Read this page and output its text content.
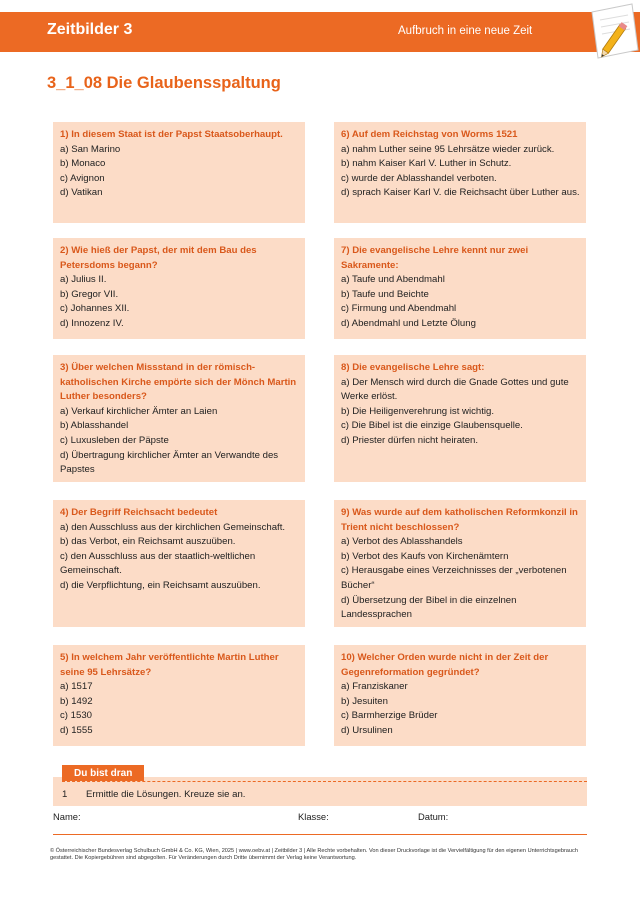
Zeitbilder 3	Aufbruch in eine neue Zeit
3_1_08 Die Glaubensspaltung
1) In diesem Staat ist der Papst Staatsoberhaupt.
a) San Marino
b) Monaco
c) Avignon
d) Vatikan
2) Wie hieß der Papst, der mit dem Bau des Petersdoms begann?
a) Julius II.
b) Gregor VII.
c) Johannes XII.
d) Innozenz IV.
3) Über welchen Missstand in der römisch-katholischen Kirche empörte sich der Mönch Martin Luther besonders?
a) Verkauf kirchlicher Ämter an Laien
b) Ablasshandel
c) Luxusleben der Päpste
d) Übertragung kirchlicher Ämter an Verwandte des Papstes
4) Der Begriff Reichsacht bedeutet
a) den Ausschluss aus der kirchlichen Gemeinschaft.
b) das Verbot, ein Reichsamt auszuüben.
c) den Ausschluss aus der staatlich-weltlichen Gemeinschaft.
d) die Verpflichtung, ein Reichsamt auszuüben.
5) In welchem Jahr veröffentlichte Martin Luther seine 95 Lehrsätze?
a) 1517
b) 1492
c) 1530
d) 1555
6) Auf dem Reichstag von Worms 1521
a) nahm Luther seine 95 Lehrsätze wieder zurück.
b) nahm Kaiser Karl V. Luther in Schutz.
c) wurde der Ablasshandel verboten.
d) sprach Kaiser Karl V. die Reichsacht über Luther aus.
7) Die evangelische Lehre kennt nur zwei Sakramente:
a) Taufe und Abendmahl
b) Taufe und Beichte
c) Firmung und Abendmahl
d) Abendmahl und Letzte Ölung
8) Die evangelische Lehre sagt:
a) Der Mensch wird durch die Gnade Gottes und gute Werke erlöst.
b) Die Heiligenverehrung ist wichtig.
c) Die Bibel ist die einzige Glaubensquelle.
d) Priester dürfen nicht heiraten.
9) Was wurde auf dem katholischen Reformkonzil in Trient nicht beschlossen?
a) Verbot des Ablasshandels
b) Verbot des Kaufs von Kirchenämtern
c) Herausgabe eines Verzeichnisses der „verbotenen Bücher“
d) Übersetzung der Bibel in die einzelnen Landessprachen
10) Welcher Orden wurde nicht in der Zeit der Gegenreformation gegründet?
a) Franziskaner
b) Jesuiten
c) Barmherzige Brüder
d) Ursulinen
Du bist dran
1 Ermittle die Lösungen. Kreuze sie an.
Name:	Klasse:	Datum:
© Österreichischer Bundesverlag Schulbuch GmbH & Co. KG, Wien, 2025 | www.oebv.at | Zeitbilder 3 | Alle Rechte vorbehalten. Von dieser Druckvorlage ist die Vervielfältigung für den eigenen Unterrichtsgebrauch gestattet. Die Kopiergebühren sind abgegolten. Für Veränderungen durch Dritte übernimmt der Verlag keine Verantwortung.
